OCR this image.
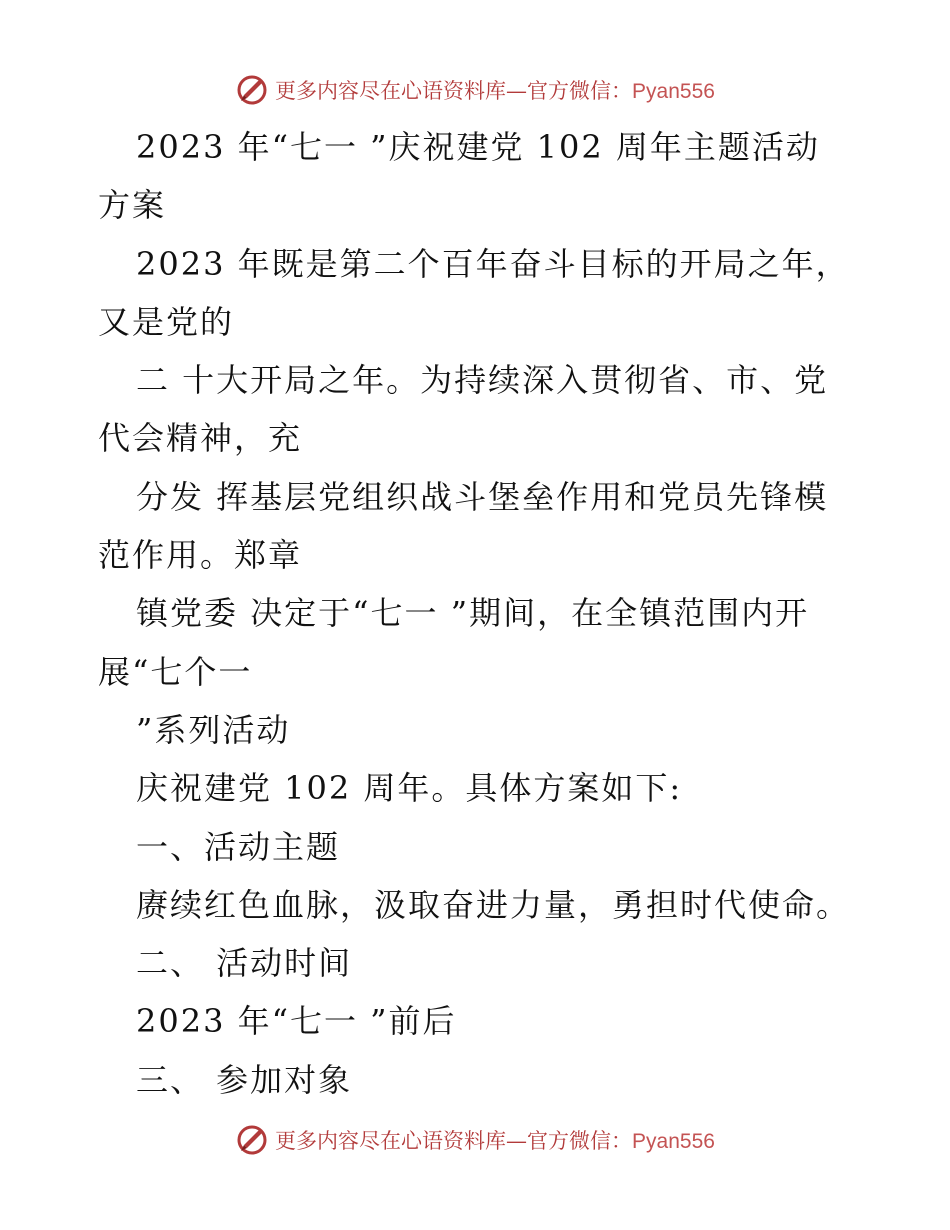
更多内容尽在心语资料库—官方微信：Pyan556
2023 年“七一 ”庆祝建党 102 周年主题活动
方案
2023 年既是第二个百年奋斗目标的开局之年，
又是党的
二 十大开局之年。为持续深入贯彻省、市、党
代会精神，充
分发 挥基层党组织战斗堡垒作用和党员先锋模
范作用。郑章
镇党委 决定于“七一 ”期间，在全镇范围内开
展“七个一
”系列活动
庆祝建党 102 周年。具体方案如下:
一、活动主题
赓续红色血脉，汲取奋进力量，勇担时代使命。
二、 活动时间
2023 年“七一 ”前后
三、 参加对象
更多内容尽在心语资料库—官方微信：Pyan556
